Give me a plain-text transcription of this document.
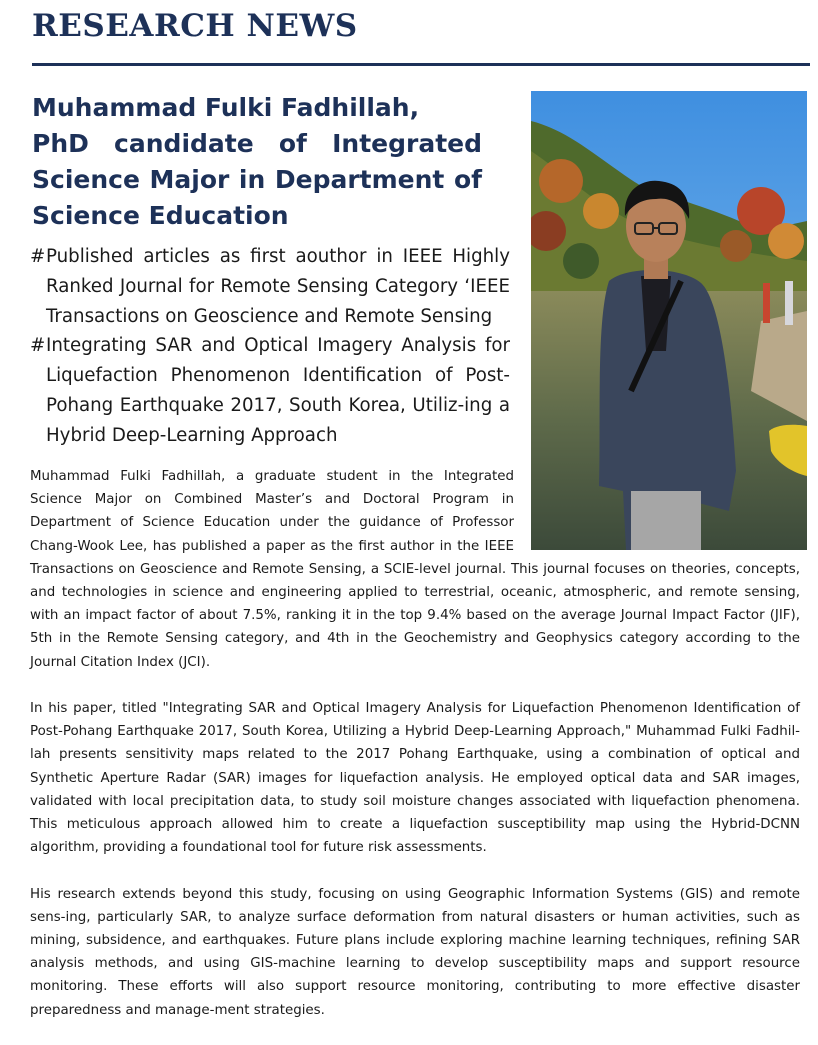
RESEARCH NEWS
Muhammad Fulki Fadhillah,
PhD candidate of Integrated
Science Major in Department of
Science Education
# Published articles as first aouthor in IEEE Highly Ranked Journal for Remote Sensing Category ‘IEEE Transactions on Geoscience and Remote Sensing
# Integrating SAR and Optical Imagery Analysis for Liquefaction Phenomenon Identification of Post-Pohang Earthquake 2017, South Korea, Utiliz-ing a Hybrid Deep-Learning Approach

Muhammad Fulki Fadhillah, a graduate student in the Integrated Science Major on Combined Master’s and Doctoral Program in Department of Science Education under the guidance of Professor Chang-Wook Lee, has published a paper as the first author in the IEEE Transactions on Geoscience and Remote Sensing, a SCIE-level journal. This journal focuses on theories, concepts, and technologies in science and engineering applied to terrestrial, oceanic, atmospheric, and remote sensing, with an impact factor of about 7.5%, ranking it in the top 9.4% based on the average Journal Impact Factor (JIF), 5th in the Remote Sensing category, and 4th in the Geochemistry and Geophysics category according to the Journal Citation Index (JCI).

In his paper, titled "Integrating SAR and Optical Imagery Analysis for Liquefaction Phenomenon Identification of Post-Pohang Earthquake 2017, South Korea, Utilizing a Hybrid Deep-Learning Approach," Muhammad Fulki Fadhil-lah presents sensitivity maps related to the 2017 Pohang Earthquake, using a combination of optical and Synthetic Aperture Radar (SAR) images for liquefaction analysis. He employed optical data and SAR images, validated with local precipitation data, to study soil moisture changes associated with liquefaction phenomena. This meticulous approach allowed him to create a liquefaction susceptibility map using the Hybrid-DCNN algorithm, providing a foundational tool for future risk assessments.

His research extends beyond this study, focusing on using Geographic Information Systems (GIS) and remote sens-ing, particularly SAR, to analyze surface deformation from natural disasters or human activities, such as mining, subsidence, and earthquakes. Future plans include exploring machine learning techniques, refining SAR analysis methods, and using GIS-machine learning to develop susceptibility maps and support resource monitoring. These efforts will also support resource monitoring, contributing to more effective disaster preparedness and manage-ment strategies.
